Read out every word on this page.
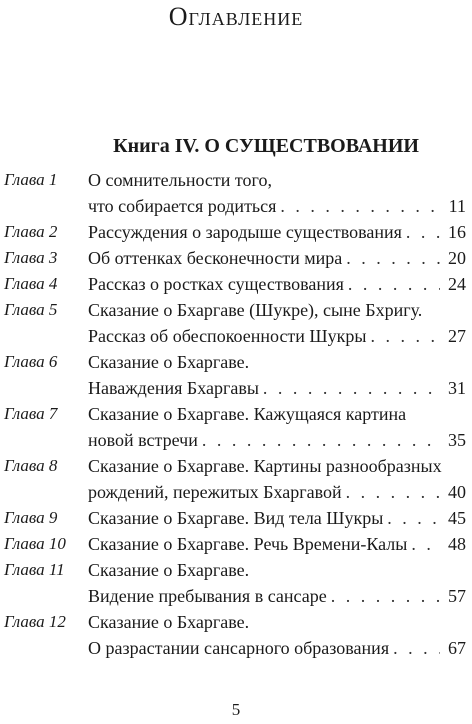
Оглавление
Книга IV. О СУЩЕСТВОВАНИИ
Глава 1	О сомнительности того,
что собирается родиться . . .	11
Глава 2	Рассуждения о зародыше существования . . .	16
Глава 3	Об оттенках бесконечности мира . . .	20
Глава 4	Рассказ о ростках существования . . .	24
Глава 5	Сказание о Бхаргаве (Шукре), сыне Бхригу.
Рассказ об обеспокоенности Шукры . . .	27
Глава 6	Сказание о Бхаргаве.
Наваждения Бхаргавы . . .	31
Глава 7	Сказание о Бхаргаве. Кажущаяся картина
новой встречи . . .	35
Глава 8	Сказание о Бхаргаве. Картины разнообразных
рождений, пережитых Бхаргавой . . .	40
Глава 9	Сказание о Бхаргаве. Вид тела Шукры . . .	45
Глава 10	Сказание о Бхаргаве. Речь Времени-Калы . . . 48
Глава 11	Сказание о Бхаргаве.
Видение пребывания в сансаре . . .	57
Глава 12	Сказание о Бхаргаве.
О разрастании сансарного образования . . .	67
5
